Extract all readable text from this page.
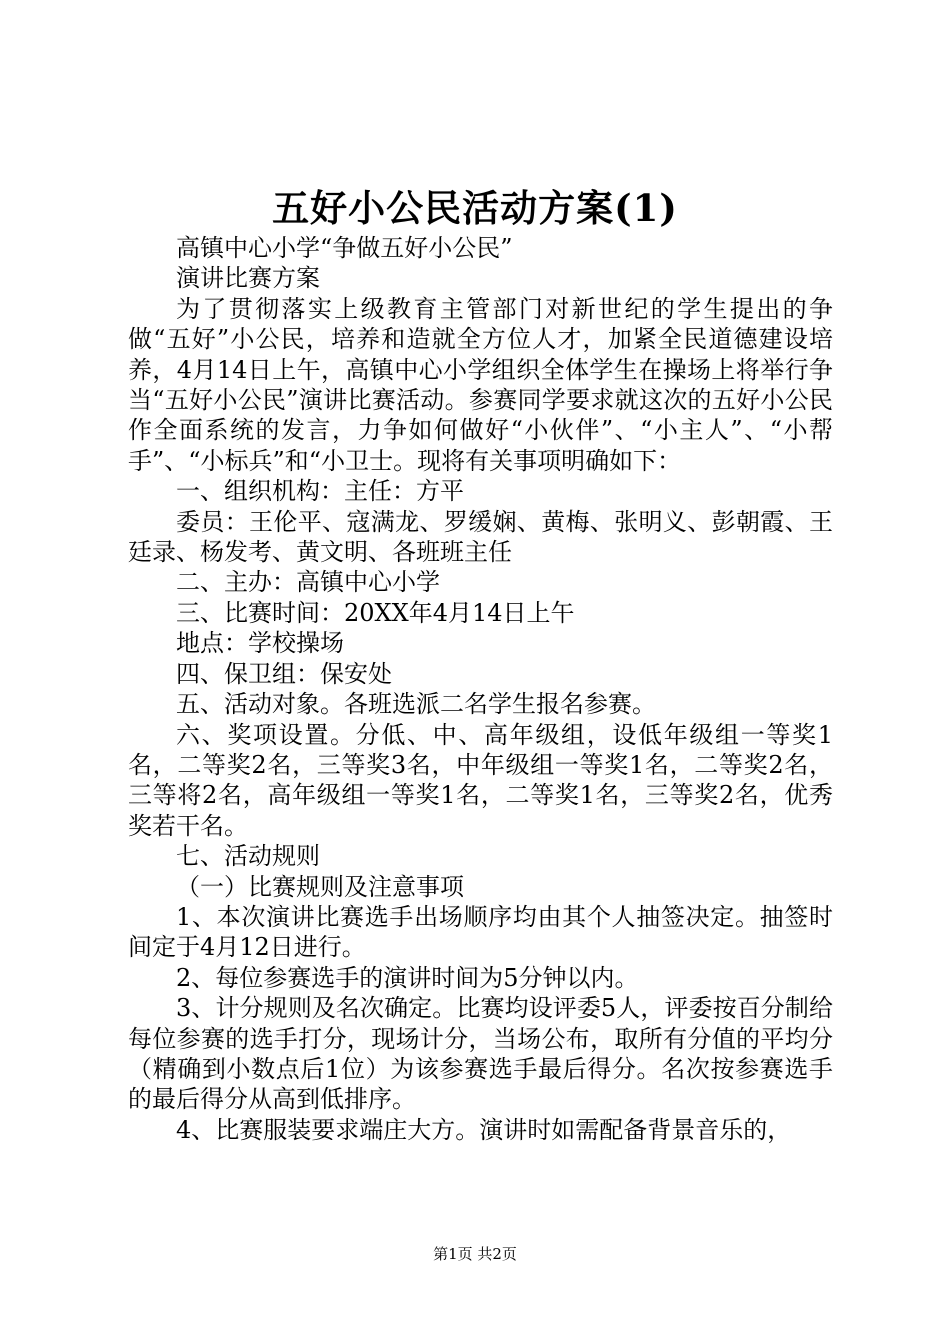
五好小公民活动方案(1)

高镇中心小学“争做五好小公民”

演讲比赛方案

为了贯彻落实上级教育主管部门对新世纪的学生提出的争做“五好”小公民，培养和造就全方位人才，加紧全民道德建设培养，4月14日上午，高镇中心小学组织全体学生在操场上将举行争当“五好小公民”演讲比赛活动。参赛同学要求就这次的五好小公民作全面系统的发言，力争如何做好“小伙伴”、“小主人”、“小帮手”、“小标兵”和“小卫士。现将有关事项明确如下：

一、组织机构：主任：方平

委员：王伦平、寇满龙、罗缓娴、黄梅、张明义、彭朝霞、王廷录、杨发考、黄文明、各班班主任

二、主办：高镇中心小学

三、比赛时间：20XX年4月14日上午

地点：学校操场

四、保卫组：保安处

五、活动对象。各班选派二名学生报名参赛。

六、奖项设置。分低、中、高年级组，设低年级组一等奖1名，二等奖2名，三等奖3名，中年级组一等奖1名，二等奖2名，三等将2名，高年级组一等奖1名，二等奖1名，三等奖2名，优秀奖若干名。

七、活动规则

（一）比赛规则及注意事项

1、本次演讲比赛选手出场顺序均由其个人抽签决定。抽签时间定于4月12日进行。

2、每位参赛选手的演讲时间为5分钟以内。

3、计分规则及名次确定。比赛均设评委5人，评委按百分制给每位参赛的选手打分，现场计分，当场公布，取所有分值的平均分（精确到小数点后1位）为该参赛选手最后得分。名次按参赛选手的最后得分从高到低排序。

4、比赛服装要求端庄大方。演讲时如需配备背景音乐的，

第1页 共2页
